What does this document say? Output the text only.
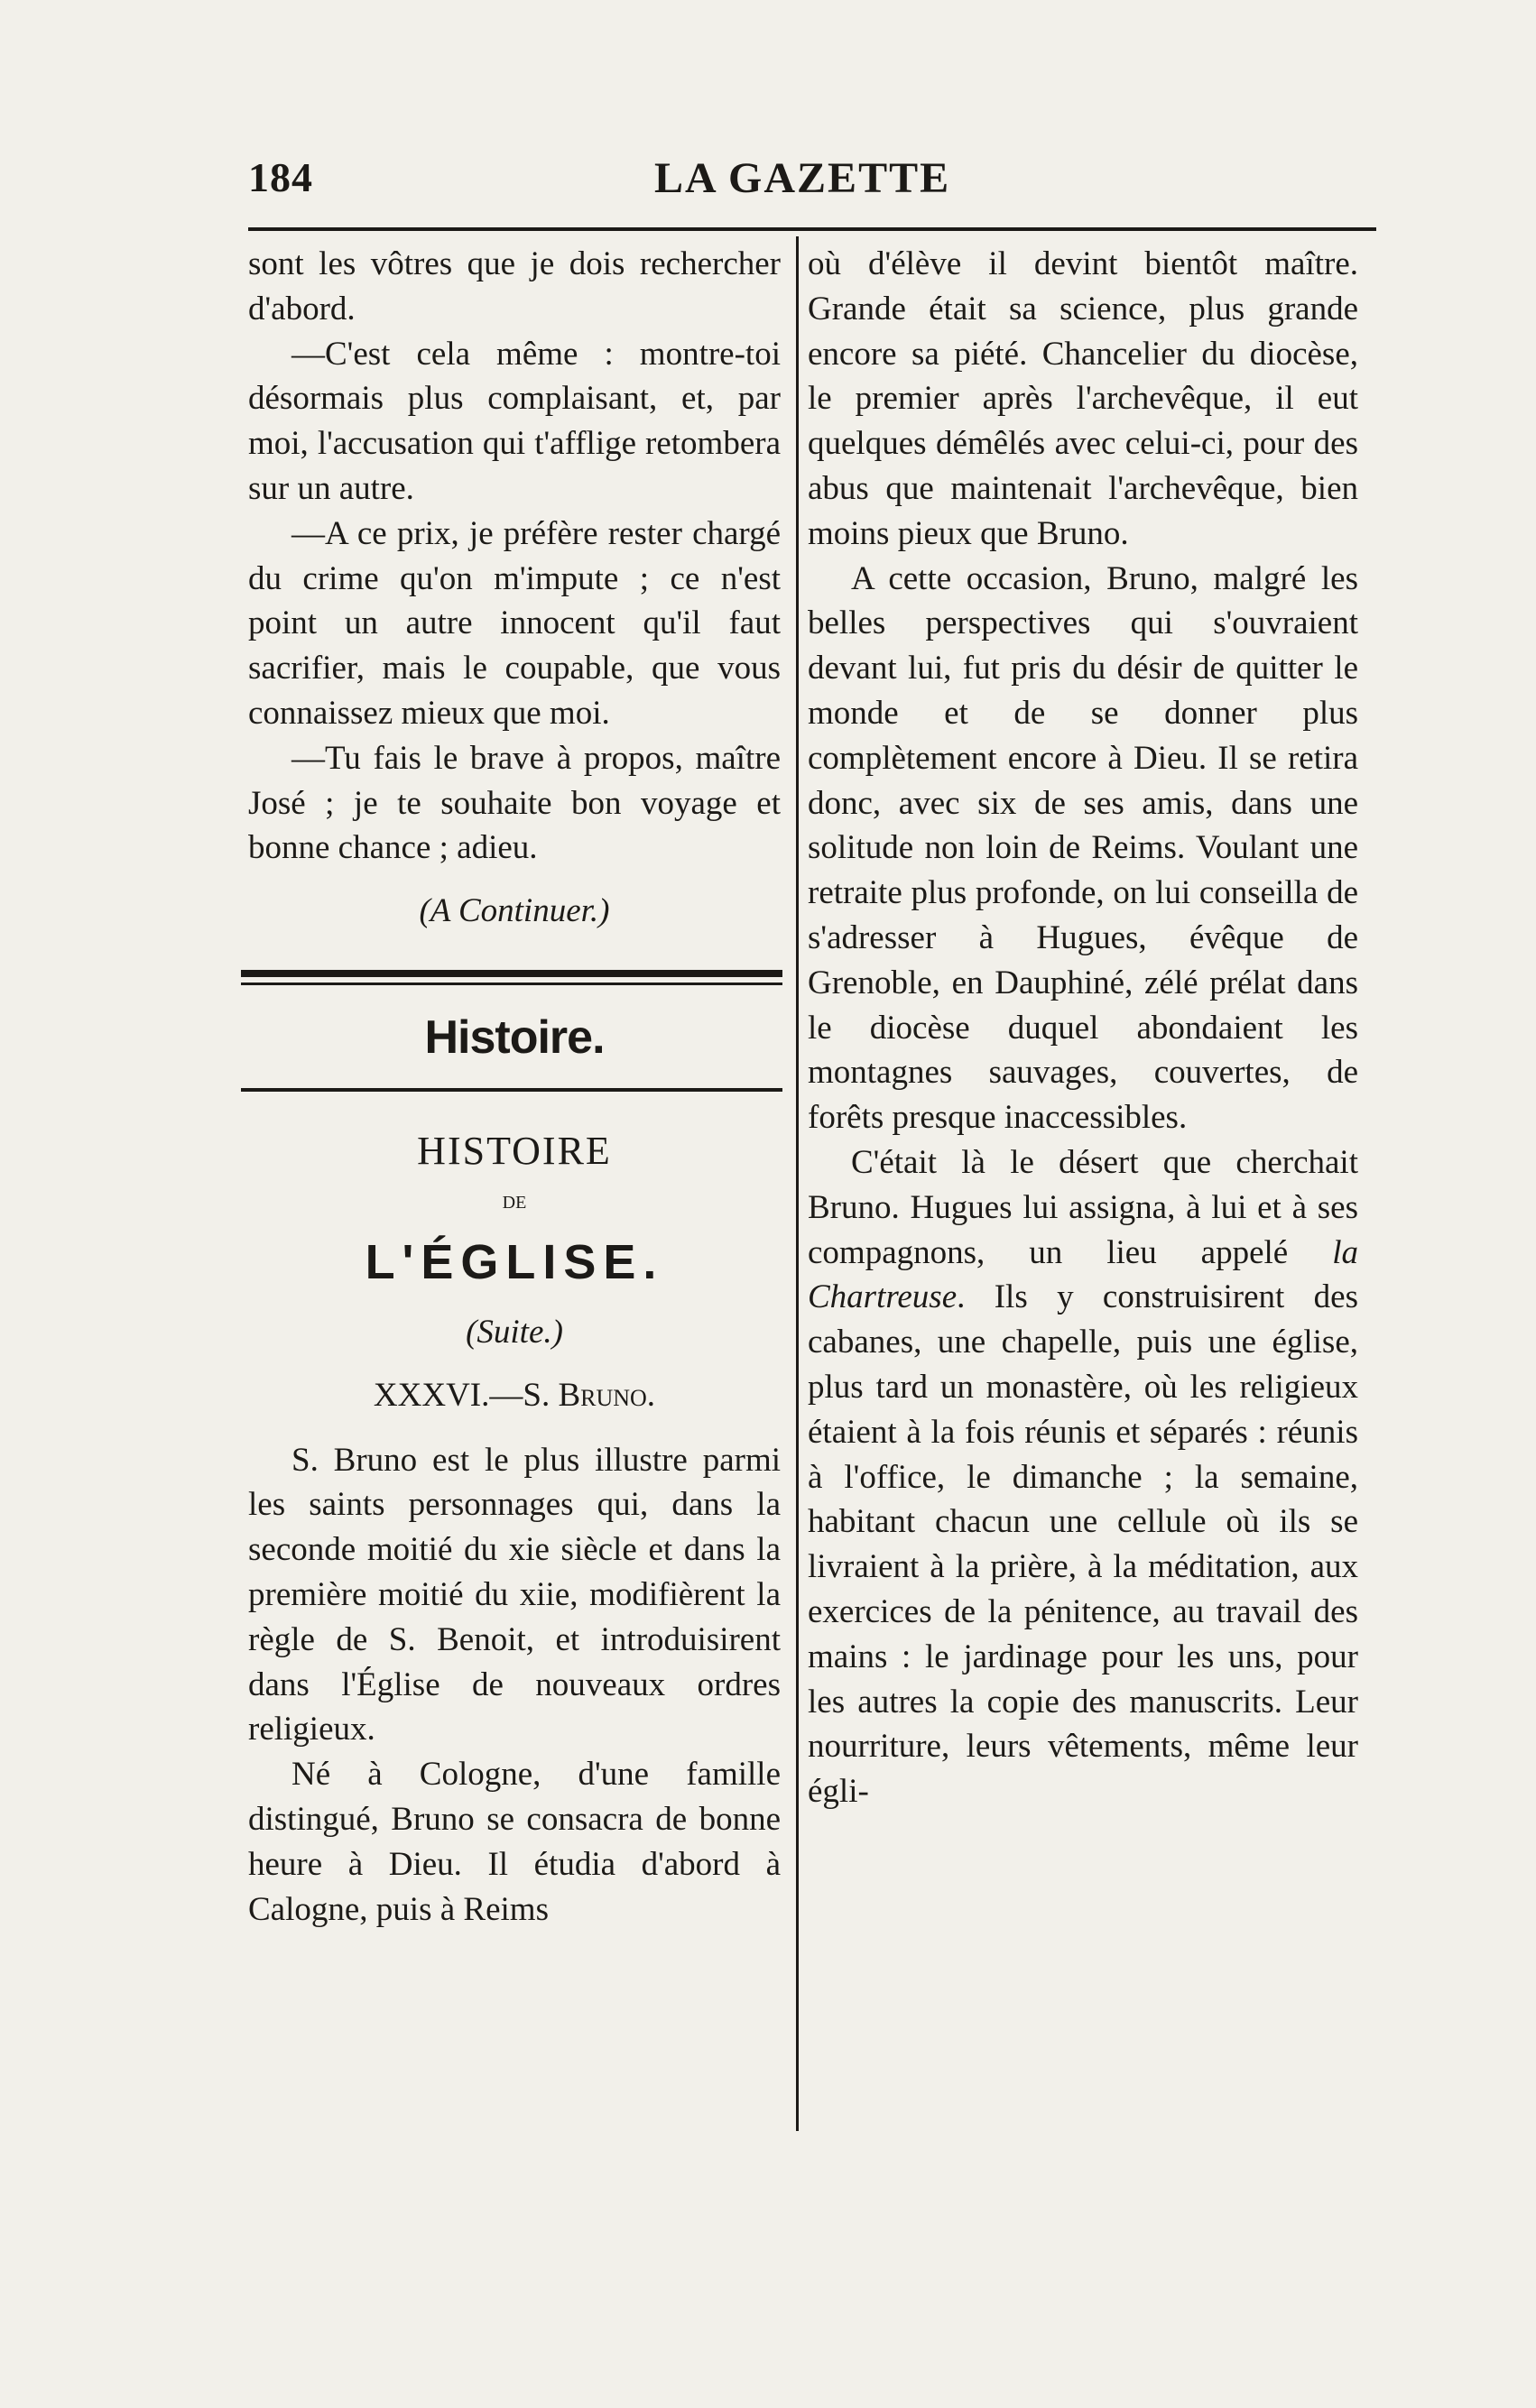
184	LA GAZETTE

sont les vôtres que je dois rechercher d'abord.

—C'est cela même : montre-toi désormais plus complaisant, et, par moi, l'accusation qui t'afflige retombera sur un autre.

—A ce prix, je préfère rester chargé du crime qu'on m'impute ; ce n'est point un autre innocent qu'il faut sacrifier, mais le coupable, que vous connaissez mieux que moi.

—Tu fais le brave à propos, maître José ; je te souhaite bon voyage et bonne chance ; adieu.

(A Continuer.)

Histoire.

HISTOIRE

DE

L'ÉGLISE.

(Suite.)

XXXVI.—S. Bruno.

S. Bruno est le plus illustre parmi les saints personnages qui, dans la seconde moitié du xie siècle et dans la première moitié du xiie, modifièrent la règle de S. Benoit, et introduisirent dans l'Église de nouveaux ordres religieux.

Né à Cologne, d'une famille distingué, Bruno se consacra de bonne heure à Dieu. Il étudia d'abord à Calogne, puis à Reims

où d'élève il devint bientôt maître. Grande était sa science, plus grande encore sa piété. Chancelier du diocèse, le premier après l'archevêque, il eut quelques démêlés avec celui-ci, pour des abus que maintenait l'archevêque, bien moins pieux que Bruno.

A cette occasion, Bruno, malgré les belles perspectives qui s'ouvraient devant lui, fut pris du désir de quitter le monde et de se donner plus complètement encore à Dieu. Il se retira donc, avec six de ses amis, dans une solitude non loin de Reims. Voulant une retraite plus profonde, on lui conseilla de s'adresser à Hugues, évêque de Grenoble, en Dauphiné, zélé prélat dans le diocèse duquel abondaient les montagnes sauvages, couvertes, de forêts presque inaccessibles.

C'était là le désert que cherchait Bruno. Hugues lui assigna, à lui et à ses compagnons, un lieu appelé la Chartreuse. Ils y construisirent des cabanes, une chapelle, puis une église, plus tard un monastère, où les religieux étaient à la fois réunis et séparés : réunis à l'office, le dimanche ; la semaine, habitant chacun une cellule où ils se livraient à la prière, à la méditation, aux exercices de la pénitence, au travail des mains : le jardinage pour les uns, pour les autres la copie des manuscrits. Leur nourriture, leurs vêtements, même leur égli-
